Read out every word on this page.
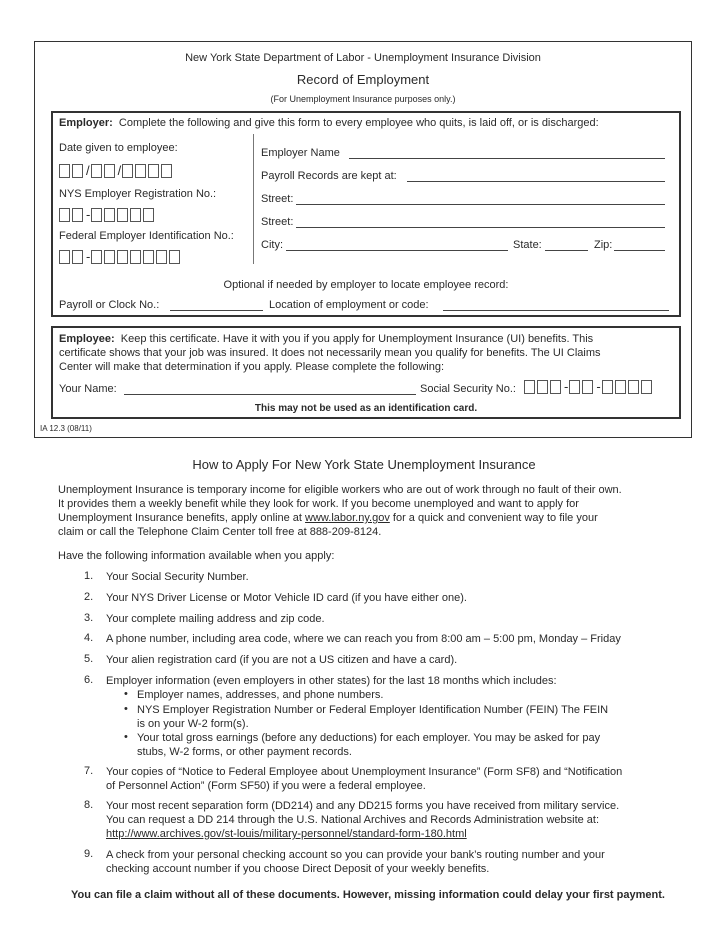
New York State Department of Labor - Unemployment Insurance Division
Record of Employment
(For Unemployment Insurance purposes only.)
Employer: Complete the following and give this form to every employee who quits, is laid off, or is discharged:
Date given to employee:
/ /
NYS Employer Registration No.:
-
Federal Employer Identification No.:
-
Employer Name
Payroll Records are kept at:
Street:
Street:
City:	State:	Zip:
Optional if needed by employer to locate employee record:
Payroll or Clock No.:	Location of employment or code:
Employee: Keep this certificate. Have it with you if you apply for Unemployment Insurance (UI) benefits. This
certificate shows that your job was insured. It does not necessarily mean you qualify for benefits. The UI Claims
Center will make that determination if you apply. Please complete the following:
Your Name:	Social Security No.:	- -
This may not be used as an identification card.
IA 12.3 (08/11)
How to Apply For New York State Unemployment Insurance
Unemployment Insurance is temporary income for eligible workers who are out of work through no fault of their own.
It provides them a weekly benefit while they look for work. If you become unemployed and want to apply for
Unemployment Insurance benefits, apply online at www.labor.ny.gov for a quick and convenient way to file your
claim or call the Telephone Claim Center toll free at 888-209-8124.
Have the following information available when you apply:
1.	Your Social Security Number.
2.	Your NYS Driver License or Motor Vehicle ID card (if you have either one).
3.	Your complete mailing address and zip code.
4.	A phone number, including area code, where we can reach you from 8:00 am – 5:00 pm, Monday – Friday
5.	Your alien registration card (if you are not a US citizen and have a card).
6.	Employer information (even employers in other states) for the last 18 months which includes:
• Employer names, addresses, and phone numbers.
• NYS Employer Registration Number or Federal Employer Identification Number (FEIN) The FEIN
is on your W-2 form(s).
• Your total gross earnings (before any deductions) for each employer. You may be asked for pay
stubs, W-2 forms, or other payment records.
7.	Your copies of “Notice to Federal Employee about Unemployment Insurance” (Form SF8) and “Notification
of Personnel Action” (Form SF50) if you were a federal employee.
8.	Your most recent separation form (DD214) and any DD215 forms you have received from military service.
You can request a DD 214 through the U.S. National Archives and Records Administration website at:
http://www.archives.gov/st-louis/military-personnel/standard-form-180.html
9.	A check from your personal checking account so you can provide your bank’s routing number and your
checking account number if you choose Direct Deposit of your weekly benefits.
You can file a claim without all of these documents. However, missing information could delay your first payment.
